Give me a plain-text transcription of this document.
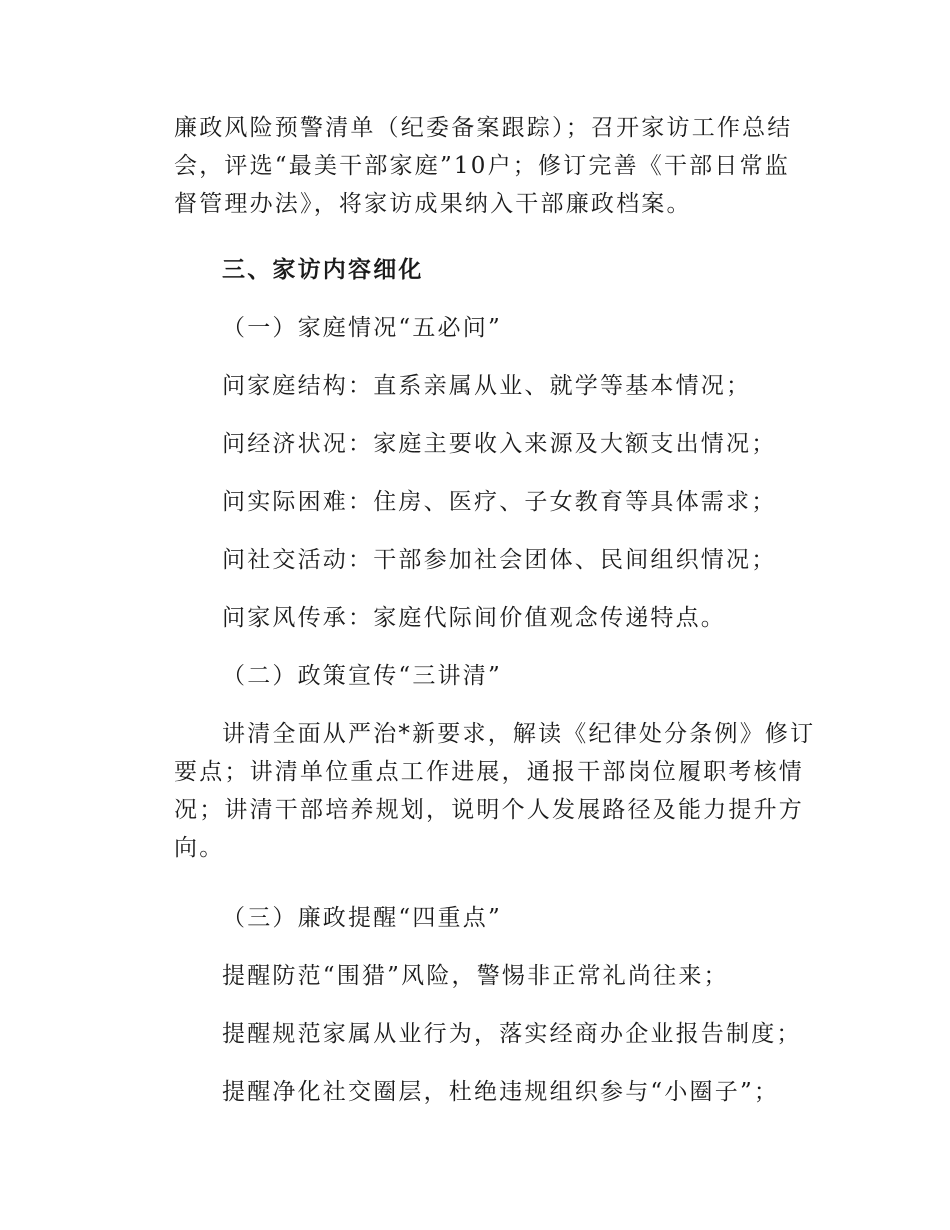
廉政风险预警清单（纪委备案跟踪）；召开家访工作总结
会，评选“最美干部家庭”10户；修订完善《干部日常监
督管理办法》，将家访成果纳入干部廉政档案。
三、家访内容细化
（一）家庭情况“五必问”
问家庭结构：直系亲属从业、就学等基本情况；
问经济状况：家庭主要收入来源及大额支出情况；
问实际困难：住房、医疗、子女教育等具体需求；
问社交活动：干部参加社会团体、民间组织情况；
问家风传承：家庭代际间价值观念传递特点。
（二）政策宣传“三讲清”
讲清全面从严治*新要求，解读《纪律处分条例》修订
要点；讲清单位重点工作进展，通报干部岗位履职考核情
况；讲清干部培养规划，说明个人发展路径及能力提升方
向。
（三）廉政提醒“四重点”
提醒防范“围猎”风险，警惕非正常礼尚往来；
提醒规范家属从业行为，落实经商办企业报告制度；
提醒净化社交圈层，杜绝违规组织参与“小圈子”；
